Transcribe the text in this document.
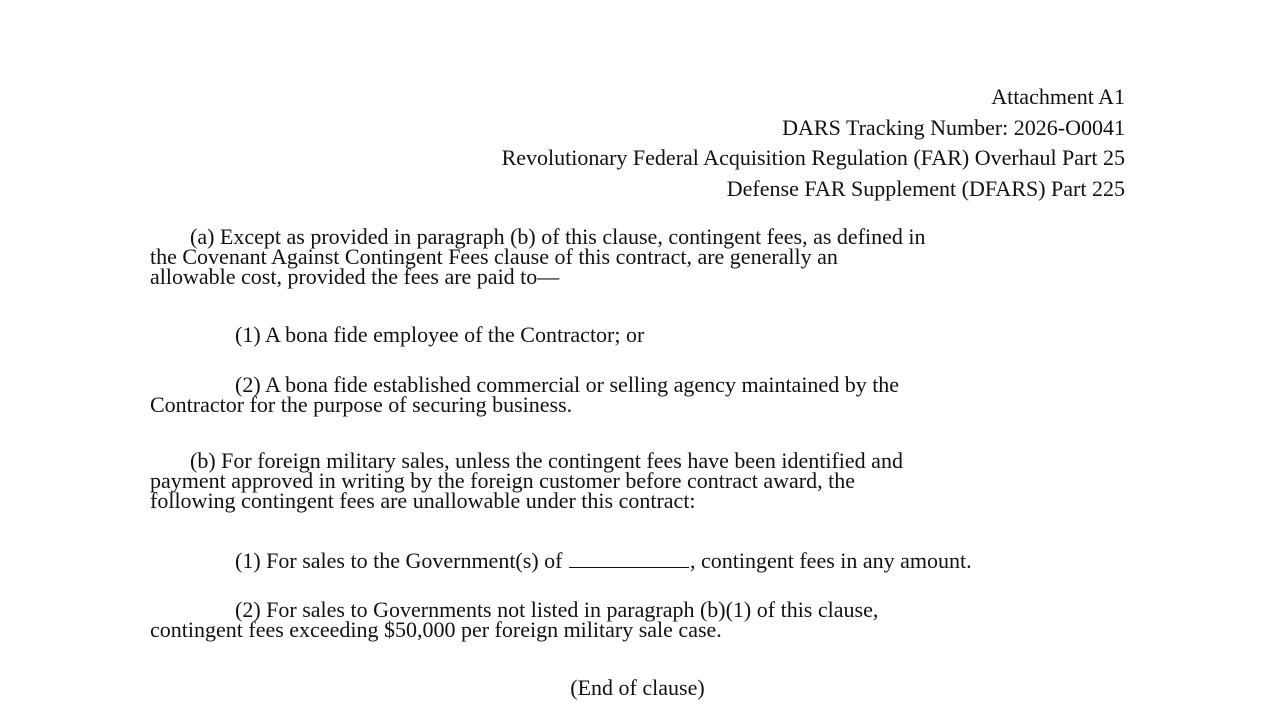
Attachment A1
DARS Tracking Number: 2026-O0041
Revolutionary Federal Acquisition Regulation (FAR) Overhaul Part 25
Defense FAR Supplement (DFARS) Part 225
(a) Except as provided in paragraph (b) of this clause, contingent fees, as defined in
the Covenant Against Contingent Fees clause of this contract, are generally an
allowable cost, provided the fees are paid to—
(1) A bona fide employee of the Contractor; or
(2) A bona fide established commercial or selling agency maintained by the
Contractor for the purpose of securing business.
(b) For foreign military sales, unless the contingent fees have been identified and
payment approved in writing by the foreign customer before contract award, the
following contingent fees are unallowable under this contract:
(1) For sales to the Government(s) of	, contingent fees in any amount.
(2) For sales to Governments not listed in paragraph (b)(1) of this clause,
contingent fees exceeding $50,000 per foreign military sale case.
(End of clause)
